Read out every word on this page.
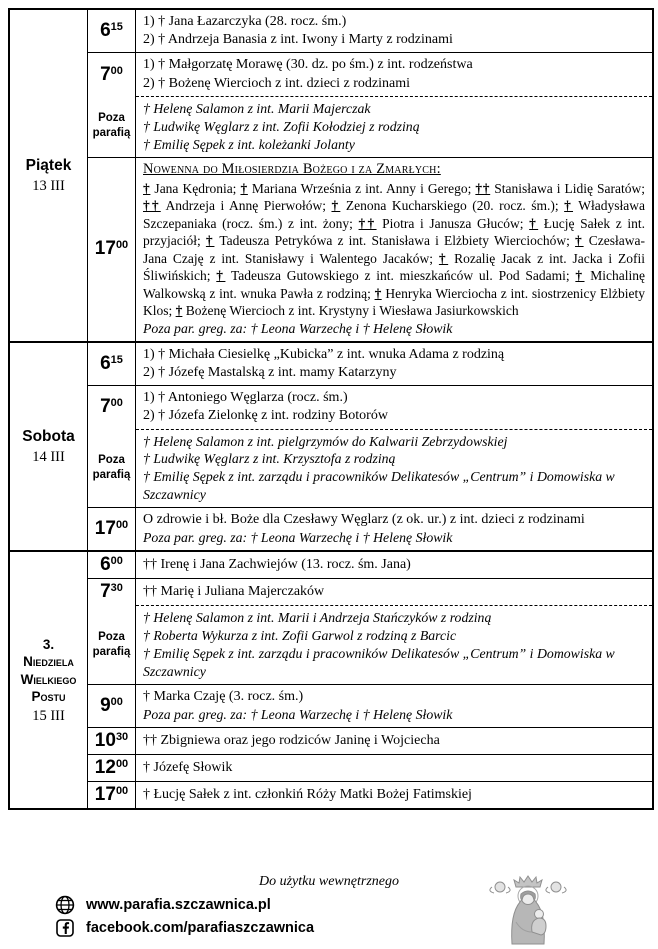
Piątek
13 III
	$6^{15}$	1) † Jana Łazarczyka (28. rocz. śm.)
2) † Andrzeja Banasia z int. Iwony i Marty z rodzinami

	$7^{00}$	1) † Małgorzatę Morawę (30. dz. po śm.) z int. rodzeństwa
2) † Bożenę Wiercioch z int. dzieci z rodzinami

Poza
parafią

† Helenę Salamon z int. Marii Majerczak
† Ludwikę Węglarz z int. Zofii Kołodziej z rodziną
† Emilię Sępek z int. koleżanki Jolanty

	$17^{00}$	Nowenna do Miłosierdzia Bożego i za Zmarłych:
† Jana Kędronia; † Mariana Września z int. Anny i Gerego; †† Stanisława i Lidię Saratów; †† Andrzeja i Annę Pierwołów; † Zenona Kucharskiego (20. rocz. śm.); † Władysława Szczepaniaka (rocz. śm.) z int. żony; †† Piotra i Janusza Głuców; † Łucję Sałek z int. przyjaciół; † Tadeusza Petrykówa z int. Stanisława i Elżbiety Wierciochów; † Czesława-Jana Czaję z int. Stanisławy i Walentego Jacaków; † Rozalię Jacak z int. Jacka i Zofii Śliwińskich; † Tadeusza Gutowskiego z int. mieszkańców ul. Pod Sadami; † Michalinę Walkowską z int. wnuka Pawła z rodziną; † Henryka Wierciocha z int. siostrzenicy Elżbiety Klos; † Bożenę Wiercioch z int. Krystyny i Wiesława Jasiurkowskich
Poza par. greg. za: † Leona Warzechę i † Helenę Słowik

Sobota
14 III
	$6^{15}$	1) † Michała Ciesielkę „Kubicka” z int. wnuka Adama z rodziną
2) † Józefę Mastalską z int. mamy Katarzyny

	$7^{00}$	1) † Antoniego Węglarza (rocz. śm.)
2) † Józefa Zielonkę z int. rodziny Botorów

Poza
parafią

† Helenę Salamon z int. pielgrzymów do Kalwarii Zebrzydowskiej
† Ludwikę Węglarz z int. Krzysztofa z rodziną
† Emilię Sępek z int. zarządu i pracowników Delikatesów „Centrum” i Domowiska w Szczawnicy

	$17^{00}$	O zdrowie i bł. Boże dla Czesławy Węglarz (z ok. ur.) z int. dzieci z rodzinami
Poza par. greg. za: † Leona Warzechę i † Helenę Słowik

3.
Niedziela
Wielkiego
Postu
15 III	$6^{00}$	†† Irenę i Jana Zachwiejów (13. rocz. śm. Jana)

	$7^{30}$	†† Marię i Juliana Majerczaków

Poza
parafią

† Helenę Salamon z int. Marii i Andrzeja Stańczyków z rodziną
† Roberta Wykurza z int. Zofii Garwol z rodziną z Barcic
† Emilię Sępek z int. zarządu i pracowników Delikatesów „Centrum” i Domowiska w Szczawnicy

	$9^{00}$	† Marka Czaję (3. rocz. śm.)
Poza par. greg. za: † Leona Warzechę i † Helenę Słowik

	$10^{30}$	†† Zbigniewa oraz jego rodziców Janinę i Wojciecha

	$12^{00}$	† Józefę Słowik

	$17^{00}$	† Łucję Sałek z int. członkiń Róży Matki Bożej Fatimskiej
Do użytku wewnętrznego
www.parafia.szczawnica.pl
facebook.com/parafiaszczawnica
